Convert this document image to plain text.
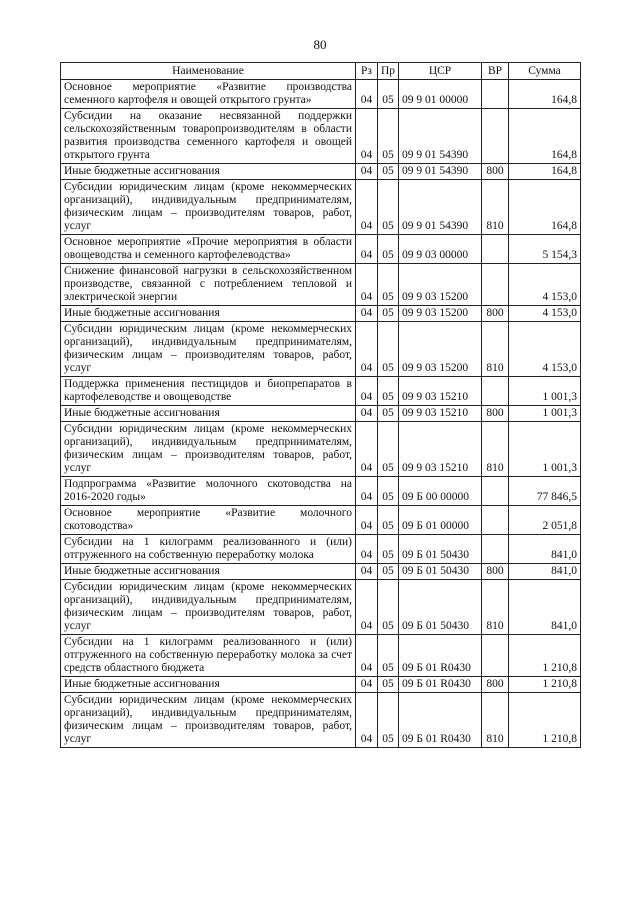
80
Наименование	Рз	Пр	ЦСР	ВР	Сумма
Основное мероприятие «Развитие производства семенного картофеля и овощей открытого грунта»	04	05	09 9 01 00000		164,8
Субсидии на оказание несвязанной поддержки сельскохозяйственным товаропроизводителям в области развития производства семенного картофеля и овощей открытого грунта	04	05	09 9 01 54390		164,8
Иные бюджетные ассигнования	04	05	09 9 01 54390	800	164,8
Субсидии юридическим лицам (кроме некоммерческих организаций), индивидуальным предпринимателям, физическим лицам – производителям товаров, работ, услуг	04	05	09 9 01 54390	810	164,8
Основное мероприятие «Прочие мероприятия в области овощеводства и семенного картофелеводства»	04	05	09 9 03 00000		5 154,3
Снижение финансовой нагрузки в сельскохозяйственном производстве, связанной с потреблением тепловой и электрической энергии	04	05	09 9 03 15200		4 153,0
Иные бюджетные ассигнования	04	05	09 9 03 15200	800	4 153,0
Субсидии юридическим лицам (кроме некоммерческих организаций), индивидуальным предпринимателям, физическим лицам – производителям товаров, работ, услуг	04	05	09 9 03 15200	810	4 153,0
Поддержка применения пестицидов и биопрепаратов в картофелеводстве и овощеводстве	04	05	09 9 03 15210		1 001,3
Иные бюджетные ассигнования	04	05	09 9 03 15210	800	1 001,3
Субсидии юридическим лицам (кроме некоммерческих организаций), индивидуальным предпринимателям, физическим лицам – производителям товаров, работ, услуг	04	05	09 9 03 15210	810	1 001,3
Подпрограмма «Развитие молочного скотоводства на 2016-2020 годы»	04	05	09 Б 00 00000		77 846,5
Основное мероприятие «Развитие молочного скотоводства»	04	05	09 Б 01 00000		2 051,8
Субсидии на 1 килограмм реализованного и (или) отгруженного на собственную переработку молока	04	05	09 Б 01 50430		841,0
Иные бюджетные ассигнования	04	05	09 Б 01 50430	800	841,0
Субсидии юридическим лицам (кроме некоммерческих организаций), индивидуальным предпринимателям, физическим лицам – производителям товаров, работ, услуг	04	05	09 Б 01 50430	810	841,0
Субсидии на 1 килограмм реализованного и (или) отгруженного на собственную переработку молока за счет средств областного бюджета	04	05	09 Б 01 R0430		1 210,8
Иные бюджетные ассигнования	04	05	09 Б 01 R0430	800	1 210,8
Субсидии юридическим лицам (кроме некоммерческих организаций), индивидуальным предпринимателям, физическим лицам – производителям товаров, работ, услуг	04	05	09 Б 01 R0430	810	1 210,8
